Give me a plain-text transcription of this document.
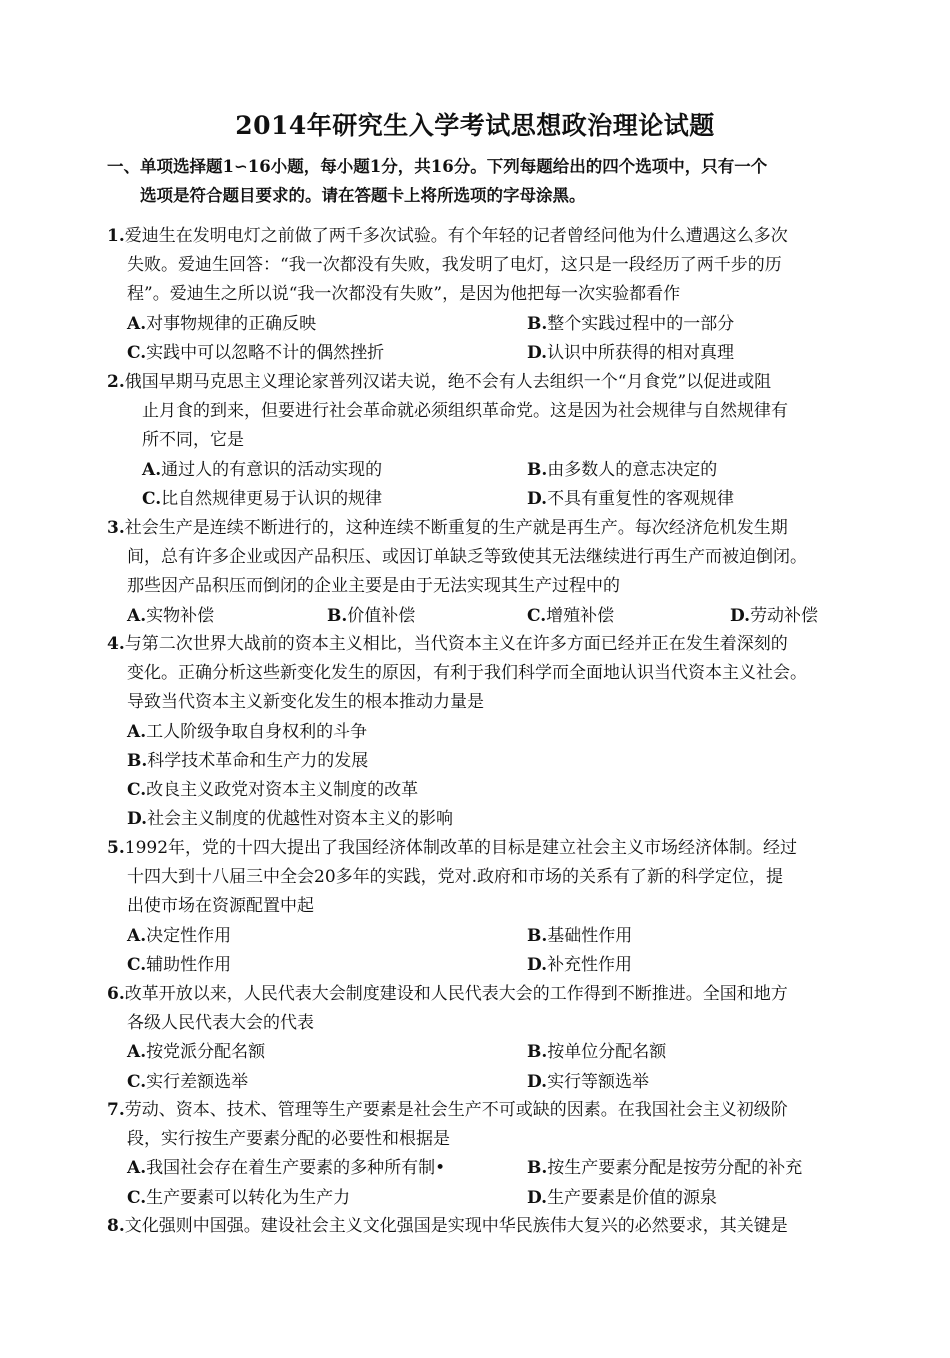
2014年研究生入学考试思想政治理论试题
一、单项选择题1∽16小题，每小题1分，共16分。下列每题给出的四个选项中，只有一个
选项是符合题目要求的。请在答题卡上将所选项的字母涂黑。
1.爱迪生在发明电灯之前做了两千多次试验。有个年轻的记者曾经问他为什么遭遇这么多次
失败。爱迪生回答：“我一次都没有失败，我发明了电灯，这只是一段经历了两千步的历
程”。爱迪生之所以说“我一次都没有失败”，是因为他把每一次实验都看作
A.对事物规律的正确反映	B.整个实践过程中的一部分
C.实践中可以忽略不计的偶然挫折	D.认识中所获得的相对真理
2.俄国早期马克思主义理论家普列汉诺夫说，绝不会有人去组织一个“月食党”以促进或阻
止月食的到来，但要进行社会革命就必须组织革命党。这是因为社会规律与自然规律有
所不同，它是
A.通过人的有意识的活动实现的	B.由多数人的意志决定的
C.比自然规律更易于认识的规律	D.不具有重复性的客观规律
3.社会生产是连续不断进行的，这种连续不断重复的生产就是再生产。每次经济危机发生期
间，总有许多企业或因产品积压、或因订单缺乏等致使其无法继续进行再生产而被迫倒闭。
那些因产品积压而倒闭的企业主要是由于无法实现其生产过程中的
A.实物补偿	B.价值补偿	C.增殖补偿	D.劳动补偿
4.与第二次世界大战前的资本主义相比，当代资本主义在许多方面已经并正在发生着深刻的
变化。正确分析这些新变化发生的原因，有利于我们科学而全面地认识当代资本主义社会。
导致当代资本主义新变化发生的根本推动力量是
A.工人阶级争取自身权利的斗争
B.科学技术革命和生产力的发展
C.改良主义政党对资本主义制度的改革
D.社会主义制度的优越性对资本主义的影响
5.1992年，党的十四大提出了我国经济体制改革的目标是建立社会主义市场经济体制。经过
十四大到十八届三中全会20多年的实践，党对.政府和市场的关系有了新的科学定位，提
出使市场在资源配置中起
A.决定性作用	B.基础性作用
C.辅助性作用	D.补充性作用
6.改革开放以来，人民代表大会制度建设和人民代表大会的工作得到不断推进。全国和地方
各级人民代表大会的代表
A.按党派分配名额	B.按单位分配名额
C.实行差额选举	D.实行等额选举
7.劳动、资本、技术、管理等生产要素是社会生产不可或缺的因素。在我国社会主义初级阶
段，实行按生产要素分配的必要性和根据是
A.我国社会存在着生产要素的多种所有制•	B.按生产要素分配是按劳分配的补充
C.生产要素可以转化为生产力	D.生产要素是价值的源泉
8.文化强则中国强。建设社会主义文化强国是实现中华民族伟大复兴的必然要求，其关键是
